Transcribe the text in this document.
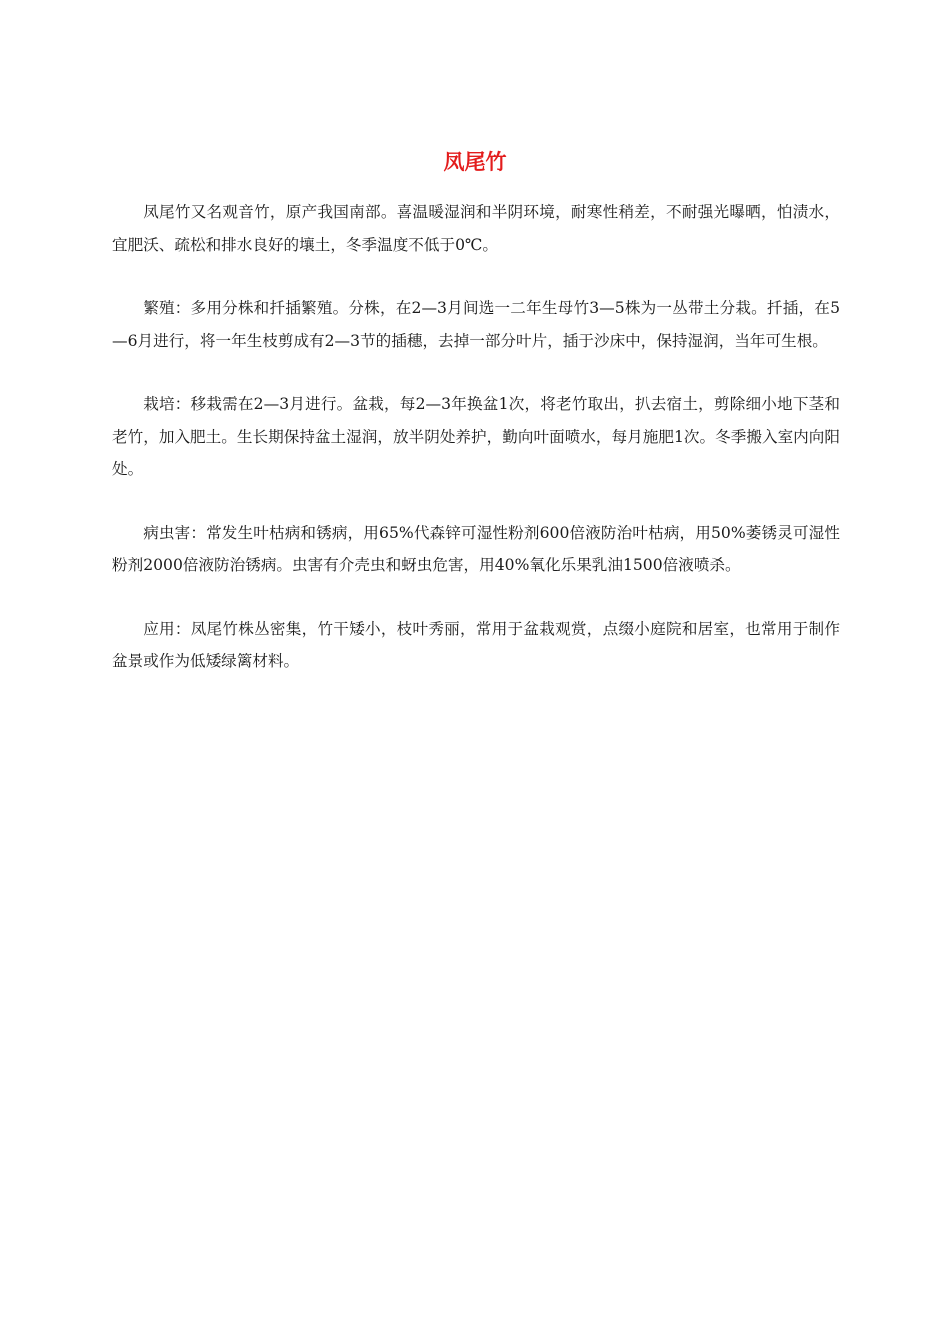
凤尾竹

凤尾竹又名观音竹，原产我国南部。喜温暖湿润和半阴环境，耐寒性稍差，不耐强光曝晒，怕渍水，宜肥沃、疏松和排水良好的壤土，冬季温度不低于0℃。

繁殖：多用分株和扦插繁殖。分株，在2—3月间选一二年生母竹3—5株为一丛带土分栽。扦插，在5—6月进行，将一年生枝剪成有2—3节的插穗，去掉一部分叶片，插于沙床中，保持湿润，当年可生根。

栽培：移栽需在2—3月进行。盆栽，每2—3年换盆1次，将老竹取出，扒去宿土，剪除细小地下茎和老竹，加入肥土。生长期保持盆土湿润，放半阴处养护，勤向叶面喷水，每月施肥1次。冬季搬入室内向阳处。

病虫害：常发生叶枯病和锈病，用65%代森锌可湿性粉剂600倍液防治叶枯病，用50%萎锈灵可湿性粉剂2000倍液防治锈病。虫害有介壳虫和蚜虫危害，用40%氧化乐果乳油1500倍液喷杀。

应用：凤尾竹株丛密集，竹干矮小，枝叶秀丽，常用于盆栽观赏，点缀小庭院和居室，也常用于制作盆景或作为低矮绿篱材料。
